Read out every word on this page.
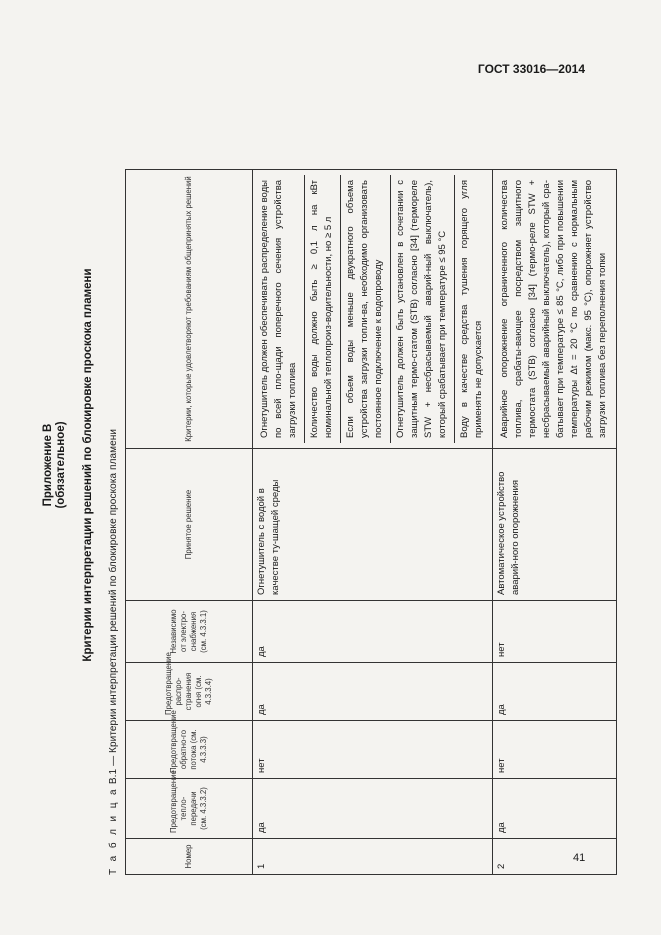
ГОСТ 33016—2014
Приложение В (обязательное) Критерии интерпретации решений по блокировке проскока пламени
Т а б л и ц а В.1 — Критерии интерпретации решений по блокировке проскока пламени
Номер	Предотвращение тепло-передачи (см. 4.3.3.2)	Предотвращение обратно-го потока (см. 4.3.3.3)	Предотвращение распро-странения огня (см. 4.3.3.4)	Независимо от электро-снабжения (см. 4.3.3.1)	Принятое решение	Критерии, которые удовлетворяют требованиям общепринятых решений
1	да	нет	да	да	Огнетушитель с водой в качестве ту-шащей среды	Огнетушитель должен обеспечивать распределение воды по всей пло-щади поперечного сечения устройства загрузки топлива Количество воды должно быть ≥ 0,1 л на кВт номинальной теплопроиз-водительности, но ≥ 5 л Если объем воды меньше двукратного объема устройства загрузки топли-ва, необходимо организовать постоянное подключение к водопроводу Огнетушитель должен быть установлен в сочетании с защитным термо-статом (STB) согласно [34] (термореле STW + несбрасываемый аварий-ный выключатель), который срабатывает при температуре ≤ 95 °С Воду в качестве средства тушения горящего угля применять не допускается

2	да	нет	да	нет	Автоматическое устройство аварий-ного опорожнения	Аварийное опорожнение ограниченного количества топлива, срабаты-вающее посредством защитного термостата (STB) согласно [34] (термо-реле STW + несбрасываемый аварийный выключатель), который сра-батывает при температуре ≤ 85 °С, либо при повышении температуры Δt = 20 °С по сравнению с нормальным рабочим режимом (макс. 95 °С), опорожняет устройство загрузки топлива без переполнения топки
41
